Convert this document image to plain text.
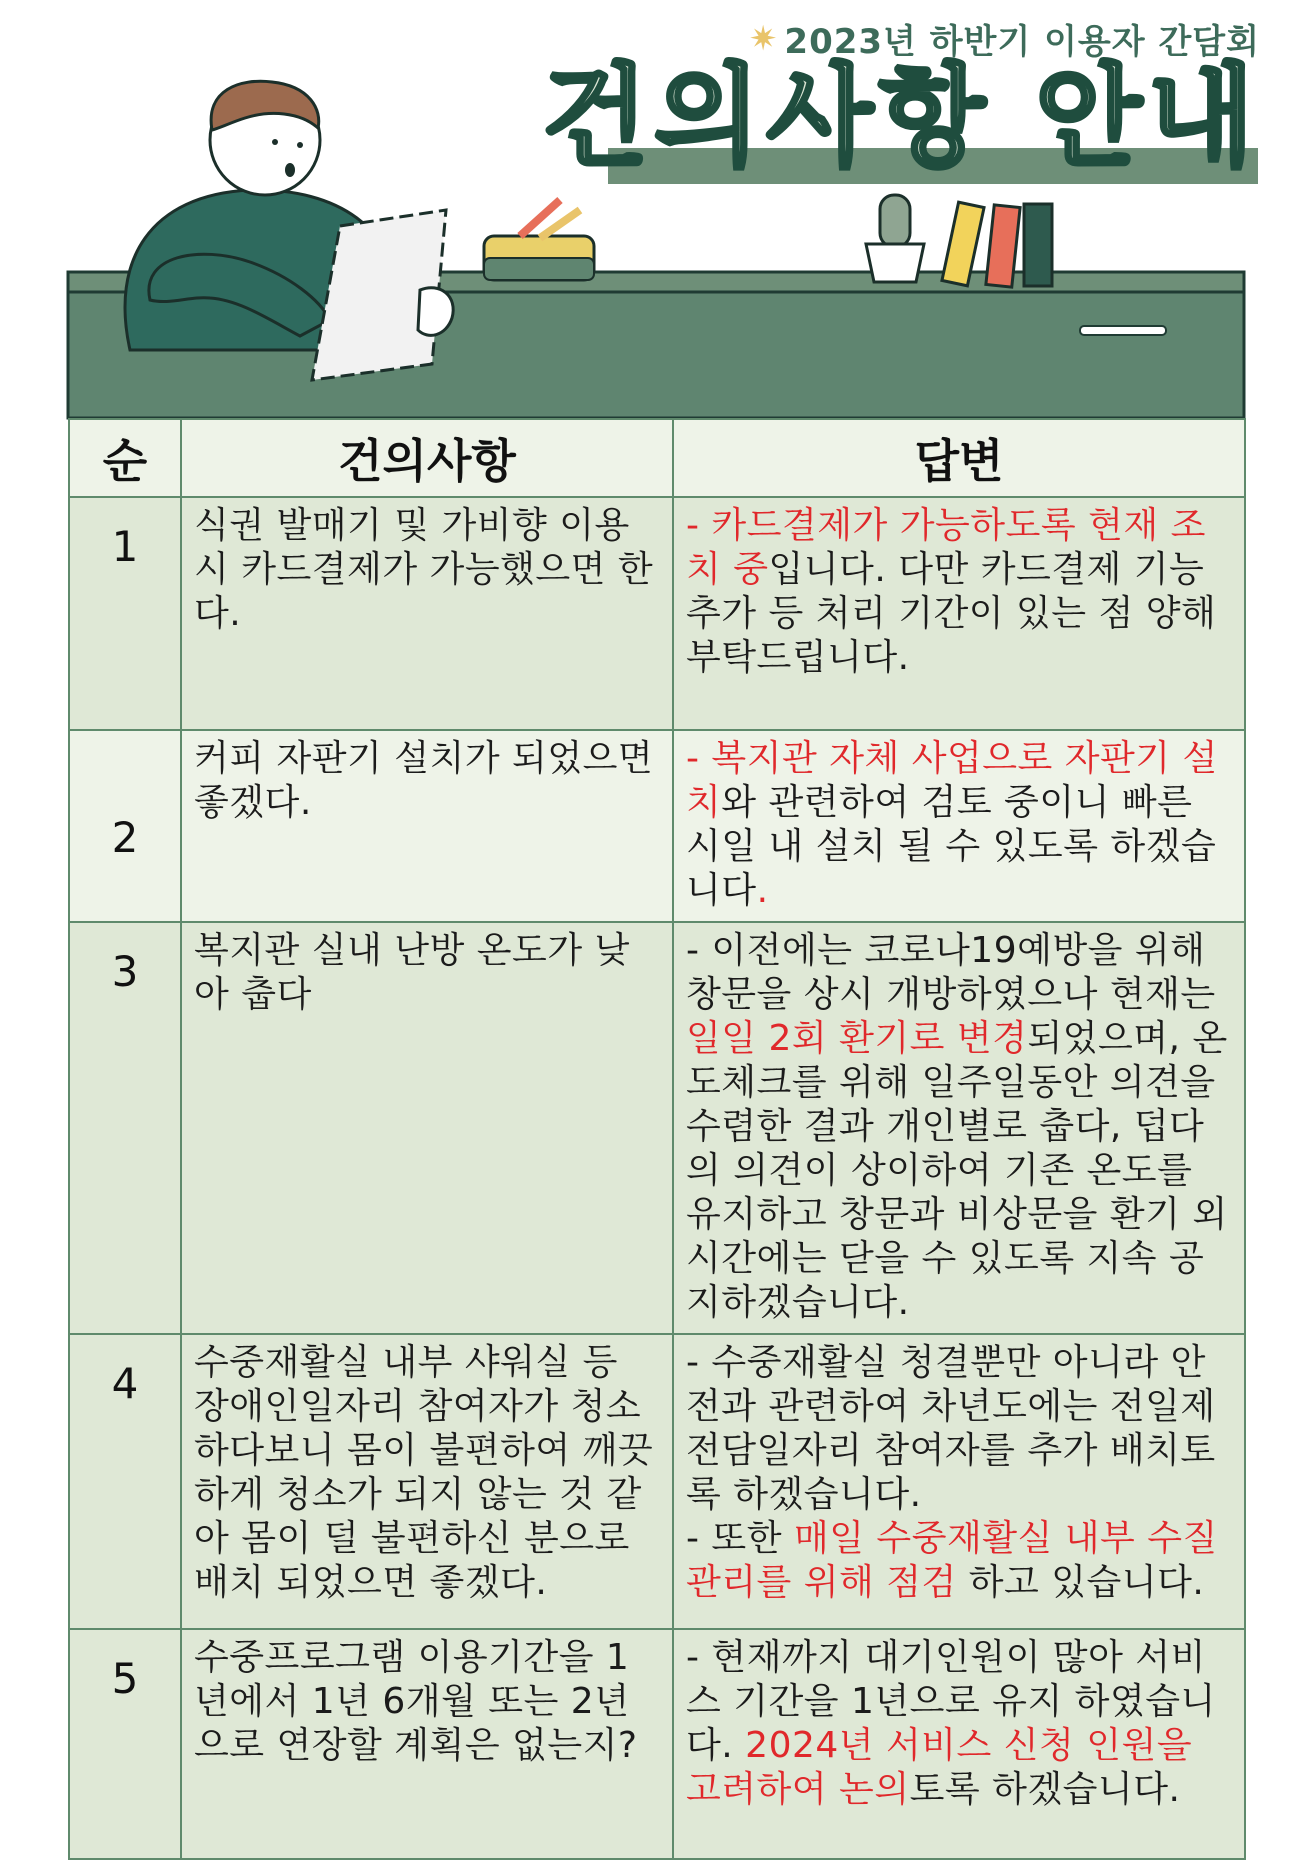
✷ 2023년 하반기 이용자 간담회
건의사항 안내
순	건의사항	답변
1	식권 발매기 및 가비향 이용시 카드결제가 가능했으면 한다.	- 카드결제가 가능하도록 현재 조치 중입니다. 다만 카드결제 기능 추가 등 처리 기간이 있는 점 양해 부탁드립니다.
2	커피 자판기 설치가 되었으면 좋겠다.	- 복지관 자체 사업으로 자판기 설치와 관련하여 검토 중이니 빠른 시일 내 설치 될 수 있도록 하겠습니다.
3	복지관 실내 난방 온도가 낮아 춥다	- 이전에는 코로나19예방을 위해 창문을 상시 개방하였으나 현재는 일일 2회 환기로 변경되었으며, 온도체크를 위해 일주일동안 의견을 수렴한 결과 개인별로 춥다, 덥다의 의견이 상이하여 기존 온도를 유지하고 창문과 비상문을 환기 외 시간에는 닫을 수 있도록 지속 공지하겠습니다.
4	수중재활실 내부 샤워실 등 장애인일자리 참여자가 청소하다보니 몸이 불편하여 깨끗하게 청소가 되지 않는 것 같아 몸이 덜 불편하신 분으로 배치 되었으면 좋겠다.	- 수중재활실 청결뿐만 아니라 안전과 관련하여 차년도에는 전일제 전담일자리 참여자를 추가 배치토록 하겠습니다.
- 또한 매일 수중재활실 내부 수질관리를 위해 점검 하고 있습니다.
5	수중프로그램 이용기간을 1년에서 1년 6개월 또는 2년으로 연장할 계획은 없는지?	- 현재까지 대기인원이 많아 서비스 기간을 1년으로 유지 하였습니다. 2024년 서비스 신청 인원을 고려하여 논의토록 하겠습니다.
